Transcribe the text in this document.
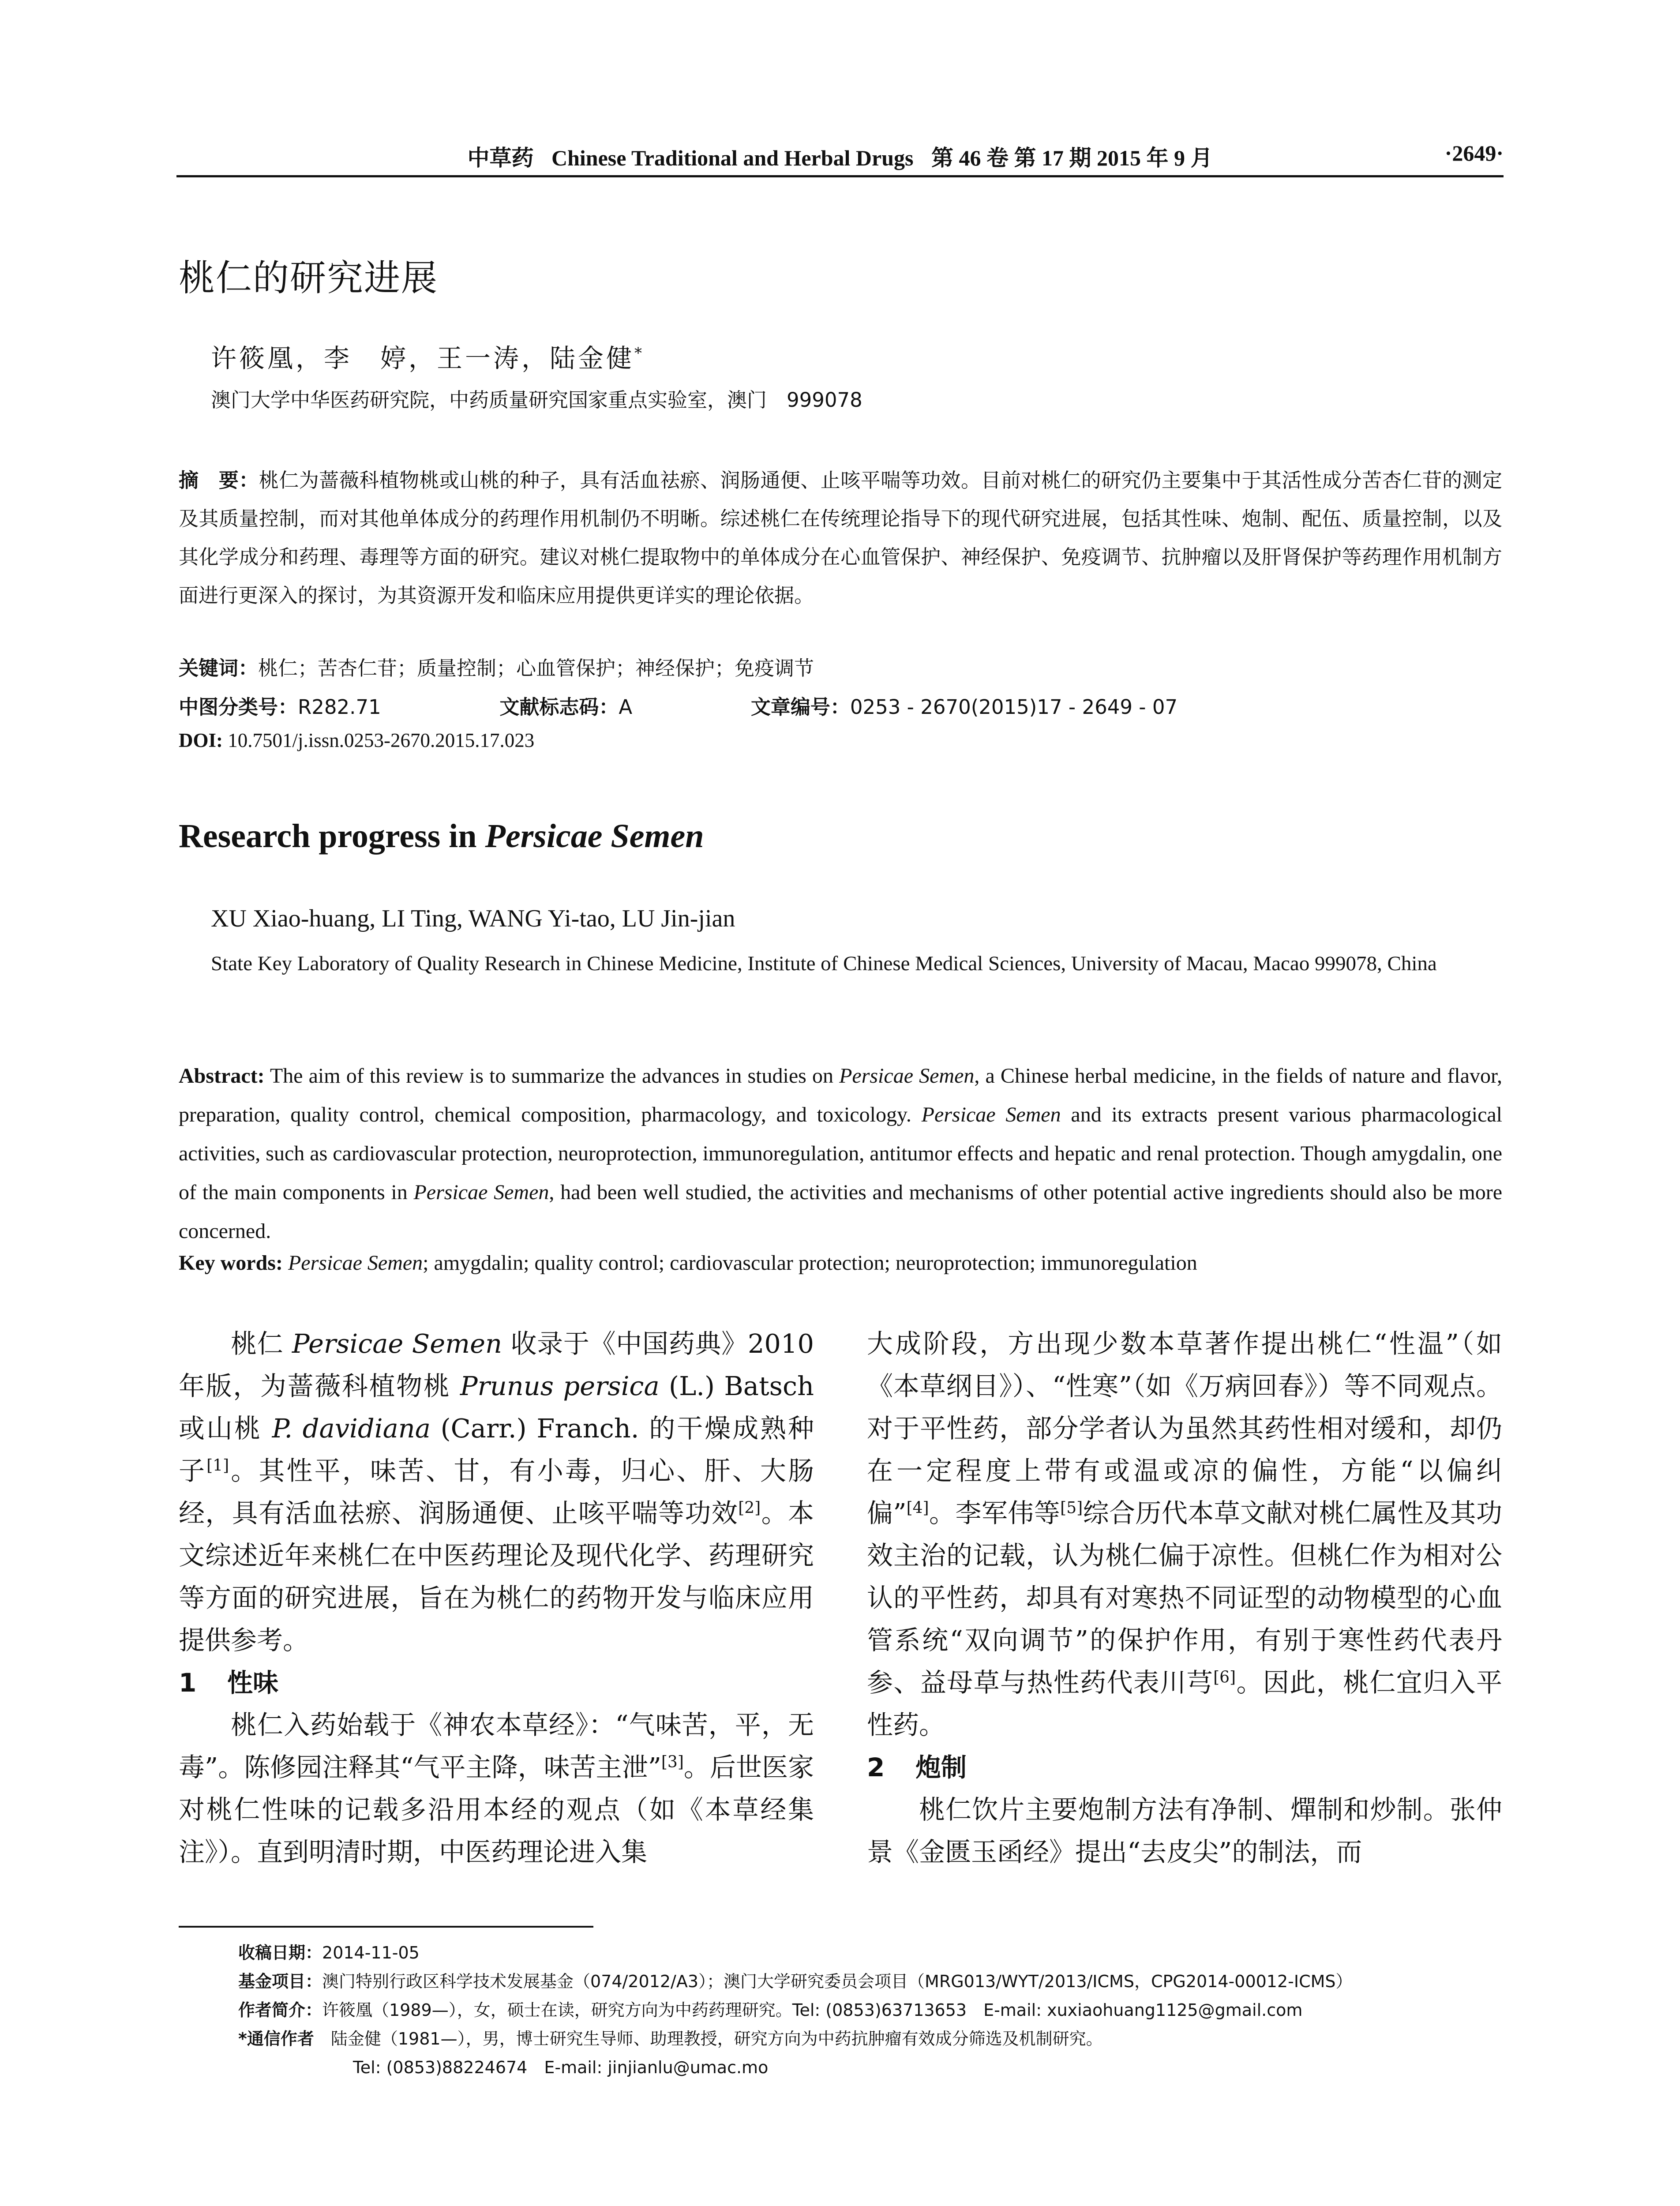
中草药 Chinese Traditional and Herbal Drugs 第 46 卷 第 17 期 2015 年 9 月	·2649·
桃仁的研究进展
许筱凰，李　婷，王一涛，陆金健*
澳门大学中华医药研究院，中药质量研究国家重点实验室，澳门　999078
摘　要：桃仁为蔷薇科植物桃或山桃的种子，具有活血祛瘀、润肠通便、止咳平喘等功效。目前对桃仁的研究仍主要集中于其活性成分苦杏仁苷的测定及其质量控制，而对其他单体成分的药理作用机制仍不明晰。综述桃仁在传统理论指导下的现代研究进展，包括其性味、炮制、配伍、质量控制，以及其化学成分和药理、毒理等方面的研究。建议对桃仁提取物中的单体成分在心血管保护、神经保护、免疫调节、抗肿瘤以及肝肾保护等药理作用机制方面进行更深入的探讨，为其资源开发和临床应用提供更详实的理论依据。
关键词：桃仁；苦杏仁苷；质量控制；心血管保护；神经保护；免疫调节
中图分类号：R282.71	文献标志码：A	文章编号：0253 - 2670(2015)17 - 2649 - 07
DOI: 10.7501/j.issn.0253-2670.2015.17.023
Research progress in Persicae Semen
XU Xiao-huang, LI Ting, WANG Yi-tao, LU Jin-jian
State Key Laboratory of Quality Research in Chinese Medicine, Institute of Chinese Medical Sciences, University of Macau, Macao 999078, China
Abstract: The aim of this review is to summarize the advances in studies on Persicae Semen, a Chinese herbal medicine, in the fields of nature and flavor, preparation, quality control, chemical composition, pharmacology, and toxicology. Persicae Semen and its extracts present various pharmacological activities, such as cardiovascular protection, neuroprotection, immunoregulation, antitumor effects and hepatic and renal protection. Though amygdalin, one of the main components in Persicae Semen, had been well studied, the activities and mechanisms of other potential active ingredients should also be more concerned.
Key words: Persicae Semen; amygdalin; quality control; cardiovascular protection; neuroprotection; immunoregulation

桃仁 Persicae Semen 收录于《中国药典》2010 年版，为蔷薇科植物桃 Prunus persica (L.) Batsch 或山桃 P. davidiana (Carr.) Franch. 的干燥成熟种子[1]。其性平，味苦、甘，有小毒，归心、肝、大肠经，具有活血祛瘀、润肠通便、止咳平喘等功效[2]。本文综述近年来桃仁在中医药理论及现代化学、药理研究等方面的研究进展，旨在为桃仁的药物开发与临床应用提供参考。

1 性味

桃仁入药始载于《神农本草经》：“气味苦，平，无毒”。陈修园注释其“气平主降，味苦主泄”[3]。后世医家对桃仁性味的记载多沿用本经的观点（如《本草经集注》）。直到明清时期，中医药理论进入集

大成阶段，方出现少数本草著作提出桃仁“性温”（如《本草纲目》）、“性寒”（如《万病回春》）等不同观点。对于平性药，部分学者认为虽然其药性相对缓和，却仍在一定程度上带有或温或凉的偏性，方能“以偏纠偏”[4]。李军伟等[5]综合历代本草文献对桃仁属性及其功效主治的记载，认为桃仁偏于凉性。但桃仁作为相对公认的平性药，却具有对寒热不同证型的动物模型的心血管系统“双向调节”的保护作用，有别于寒性药代表丹参、益母草与热性药代表川芎[6]。因此，桃仁宜归入平性药。

2 炮制

桃仁饮片主要炮制方法有净制、燀制和炒制。张仲景《金匮玉函经》提出“去皮尖”的制法，而

收稿日期：2014-11-05
基金项目：澳门特别行政区科学技术发展基金（074/2012/A3）；澳门大学研究委员会项目（MRG013/WYT/2013/ICMS，CPG2014-00012-ICMS）
作者简介：许筱凰（1989—），女，硕士在读，研究方向为中药药理研究。Tel: (0853)63713653　E-mail: xuxiaohuang1125@gmail.com
*通信作者　陆金健（1981—），男，博士研究生导师、助理教授，研究方向为中药抗肿瘤有效成分筛选及机制研究。
Tel: (0853)88224674　E-mail: jinjianlu@umac.mo
